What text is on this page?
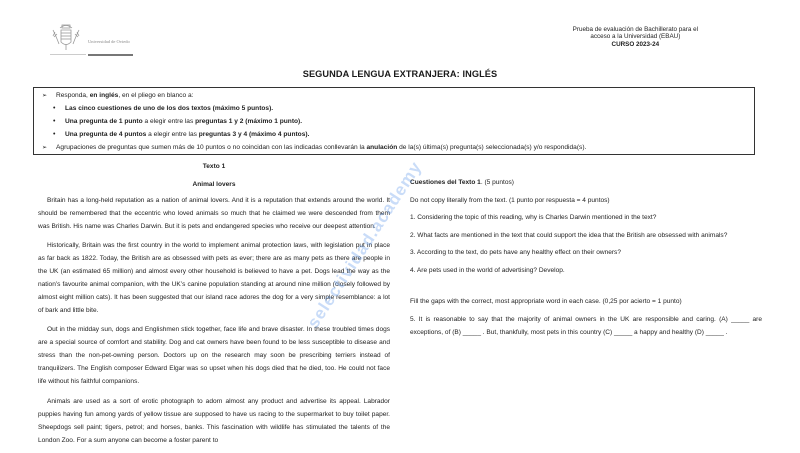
Universidad de Oviedo
Prueba de evaluación de Bachillerato para el
acceso a la Universidad (EBAU)
CURSO 2023-24
SEGUNDA LENGUA EXTRANJERA: INGLÉS
➢ Responda, en inglés, en el pliego en blanco a:
• Las cinco cuestiones de uno de los dos textos (máximo 5 puntos).
• Una pregunta de 1 punto a elegir entre las preguntas 1 y 2 (máximo 1 punto).
• Una pregunta de 4 puntos a elegir entre las preguntas 3 y 4 (máximo 4 puntos).
➢ Agrupaciones de preguntas que sumen más de 10 puntos o no coincidan con las indicadas conllevarán la anulación de la(s) última(s) pregunta(s) seleccionada(s) y/o respondida(s).
Texto 1
Animal lovers

Britain has a long-held reputation as a nation of animal lovers. And it is a reputation that extends around the world. It should be remembered that the eccentric who loved animals so much that he claimed we were descended from them was British. His name was Charles Darwin. But it is pets and endangered species who receive our deepest attention.

Historically, Britain was the first country in the world to implement animal protection laws, with legislation put in place as far back as 1822. Today, the British are as obsessed with pets as ever; there are as many pets as there are people in the UK (an estimated 65 million) and almost every other household is believed to have a pet. Dogs lead the way as the nation’s favourite animal companion, with the UK’s canine population standing at around nine million (closely followed by almost eight million cats). It has been suggested that our island race adores the dog for a very simple resemblance: a lot of bark and little bite.

Out in the midday sun, dogs and Englishmen stick together, face life and brave disaster. In these troubled times dogs are a special source of comfort and stability. Dog and cat owners have been found to be less susceptible to disease and stress than the non-pet-owning person. Doctors up on the research may soon be prescribing terriers instead of tranquilizers. The English composer Edward Elgar was so upset when his dogs died that he died, too. He could not face life without his faithful companions.

Animals are used as a sort of erotic photograph to adorn almost any product and advertise its appeal. Labrador puppies having fun among yards of yellow tissue are supposed to have us racing to the supermarket to buy toilet paper. Sheepdogs sell paint; tigers, petrol; and horses, banks. This fascination with wildlife has stimulated the talents of the London Zoo. For a sum anyone can become a foster parent to

Cuestiones del Texto 1. (5 puntos)

Do not copy literally from the text. (1 punto por respuesta = 4 puntos)

1. Considering the topic of this reading, why is Charles Darwin mentioned in the text?

2. What facts are mentioned in the text that could support the idea that the British are obsessed with animals?

3. According to the text, do pets have any healthy effect on their owners?

4. Are pets used in the world of advertising? Develop.

Fill the gaps with the correct, most appropriate word in each case. (0,25 por acierto = 1 punto)

5. It is reasonable to say that the majority of animal owners in the UK are responsible and caring. (A) _____ are exceptions, of (B) _____ . But, thankfully, most pets in this country (C) _____ a happy and healthy (D) _____ .

selectividad.academy
